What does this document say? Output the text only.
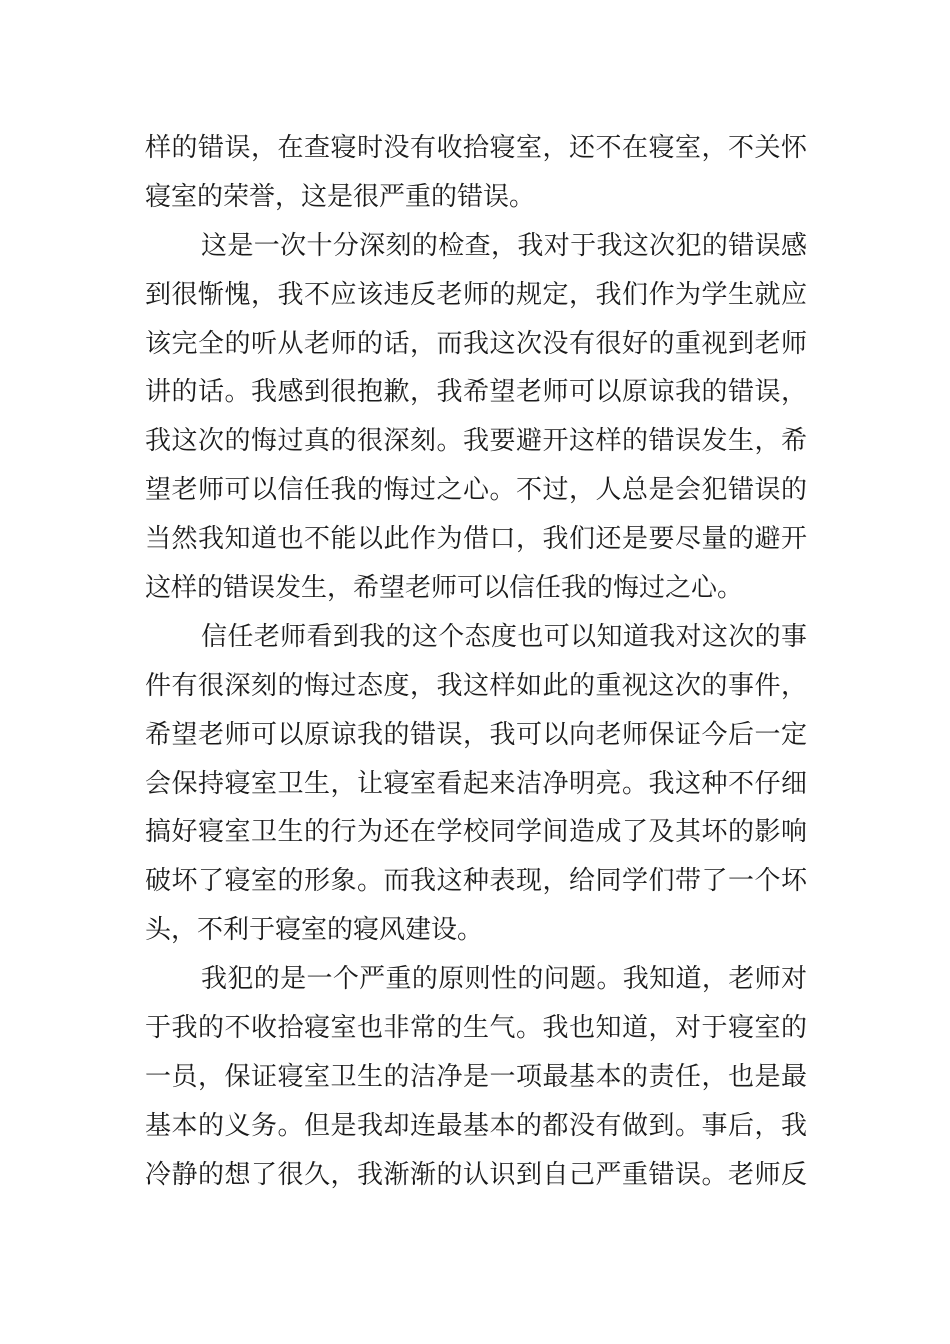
样的错误，在查寝时没有收拾寝室，还不在寝室，不关怀
寝室的荣誉，这是很严重的错误。
这是一次十分深刻的检查，我对于我这次犯的错误感
到很惭愧，我不应该违反老师的规定，我们作为学生就应
该完全的听从老师的话，而我这次没有很好的重视到老师
讲的话。我感到很抱歉，我希望老师可以原谅我的错误，
我这次的悔过真的很深刻。我要避开这样的错误发生，希
望老师可以信任我的悔过之心。不过，人总是会犯错误的
当然我知道也不能以此作为借口，我们还是要尽量的避开
这样的错误发生，希望老师可以信任我的悔过之心。
信任老师看到我的这个态度也可以知道我对这次的事
件有很深刻的悔过态度，我这样如此的重视这次的事件，
希望老师可以原谅我的错误，我可以向老师保证今后一定
会保持寝室卫生，让寝室看起来洁净明亮。我这种不仔细
搞好寝室卫生的行为还在学校同学间造成了及其坏的影响
破坏了寝室的形象。而我这种表现，给同学们带了一个坏
头，不利于寝室的寝风建设。
我犯的是一个严重的原则性的问题。我知道，老师对
于我的不收拾寝室也非常的生气。我也知道，对于寝室的
一员，保证寝室卫生的洁净是一项最基本的责任，也是最
基本的义务。但是我却连最基本的都没有做到。事后，我
冷静的想了很久，我渐渐的认识到自己严重错误。老师反
